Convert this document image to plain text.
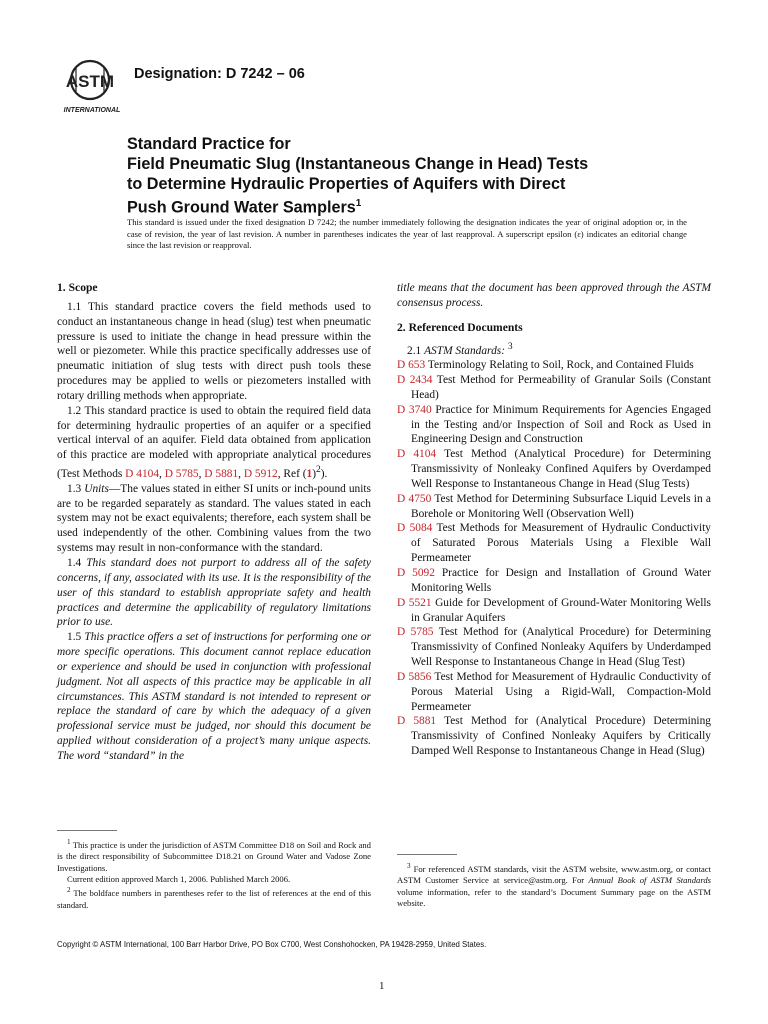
ASTM
INTERNATIONAL
Designation: D 7242 – 06
Standard Practice for
Field Pneumatic Slug (Instantaneous Change in Head) Tests
to Determine Hydraulic Properties of Aquifers with Direct
Push Ground Water Samplers$^1$
This standard is issued under the fixed designation D 7242; the number immediately following the designation indicates the year of original adoption or, in the case of revision, the year of last revision. A number in parentheses indicates the year of last reapproval. A superscript epsilon (ε) indicates an editorial change since the last revision or reapproval.
1. Scope

1.1 This standard practice covers the field methods used to conduct an instantaneous change in head (slug) test when pneumatic pressure is used to initiate the change in head pressure within the well or piezometer. While this practice specifically addresses use of pneumatic initiation of slug tests with direct push tools these procedures may be applied to wells or piezometers installed with rotary drilling methods when appropriate.

1.2 This standard practice is used to obtain the required field data for determining hydraulic properties of an aquifer or a specified vertical interval of an aquifer. Field data obtained from application of this practice are modeled with appropriate analytical procedures (Test Methods D 4104, D 5785, D 5881, D 5912, Ref $(1)^2$).

1.3 Units—The values stated in either SI units or inch-pound units are to be regarded separately as standard. The values stated in each system may not be exact equivalents; therefore, each system shall be used independently of the other. Combining values from the two systems may result in non-conformance with the standard.

1.4 This standard does not purport to address all of the safety concerns, if any, associated with its use. It is the responsibility of the user of this standard to establish appropriate safety and health practices and determine the applicability of regulatory limitations prior to use.

1.5 This practice offers a set of instructions for performing one or more specific operations. This document cannot replace education or experience and should be used in conjunction with professional judgment. Not all aspects of this practice may be applicable in all circumstances. This ASTM standard is not intended to represent or replace the standard of care by which the adequacy of a given professional service must be judged, nor should this document be applied without consideration of a project’s many unique aspects. The word “standard” in the

$^1$ This practice is under the jurisdiction of ASTM Committee D18 on Soil and Rock and is the direct responsibility of Subcommittee D18.21 on Ground Water and Vadose Zone Investigations.

Current edition approved March 1, 2006. Published March 2006.

$^2$ The boldface numbers in parentheses refer to the list of references at the end of this standard.

title means that the document has been approved through the ASTM consensus process.

2. Referenced Documents

2.1 ASTM Standards: $^3$

D 653 Terminology Relating to Soil, Rock, and Contained Fluids

D 2434 Test Method for Permeability of Granular Soils (Constant Head)

D 3740 Practice for Minimum Requirements for Agencies Engaged in the Testing and/or Inspection of Soil and Rock as Used in Engineering Design and Construction

D 4104 Test Method (Analytical Procedure) for Determining Transmissivity of Nonleaky Confined Aquifers by Overdamped Well Response to Instantaneous Change in Head (Slug Tests)

D 4750 Test Method for Determining Subsurface Liquid Levels in a Borehole or Monitoring Well (Observation Well)

D 5084 Test Methods for Measurement of Hydraulic Conductivity of Saturated Porous Materials Using a Flexible Wall Permeameter

D 5092 Practice for Design and Installation of Ground Water Monitoring Wells

D 5521 Guide for Development of Ground-Water Monitoring Wells in Granular Aquifers

D 5785 Test Method for (Analytical Procedure) for Determining Transmissivity of Confined Nonleaky Aquifers by Underdamped Well Response to Instantaneous Change in Head (Slug Test)

D 5856 Test Method for Measurement of Hydraulic Conductivity of Porous Material Using a Rigid-Wall, Compaction-Mold Permeameter

D 5881 Test Method for (Analytical Procedure) Determining Transmissivity of Confined Nonleaky Aquifers by Critically Damped Well Response to Instantaneous Change in Head (Slug)

$^3$ For referenced ASTM standards, visit the ASTM website, www.astm.org, or contact ASTM Customer Service at service@astm.org. For Annual Book of ASTM Standards volume information, refer to the standard’s Document Summary page on the ASTM website.

Copyright © ASTM International, 100 Barr Harbor Drive, PO Box C700, West Conshohocken, PA 19428-2959, United States.
1
